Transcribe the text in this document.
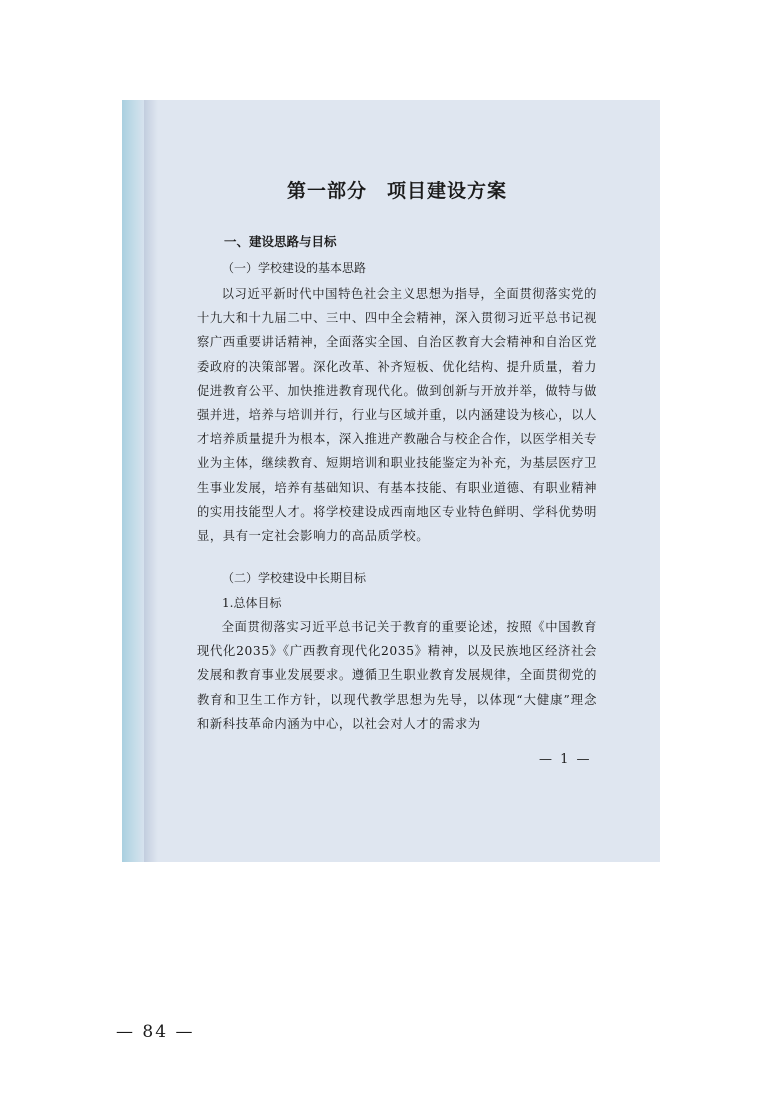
第一部分　项目建设方案

一、建设思路与目标

（一）学校建设的基本思路

以习近平新时代中国特色社会主义思想为指导，全面贯彻落实党的十九大和十九届二中、三中、四中全会精神，深入贯彻习近平总书记视察广西重要讲话精神，全面落实全国、自治区教育大会精神和自治区党委政府的决策部署。深化改革、补齐短板、优化结构、提升质量，着力促进教育公平、加快推进教育现代化。做到创新与开放并举，做特与做强并进，培养与培训并行，行业与区域并重，以内涵建设为核心，以人才培养质量提升为根本，深入推进产教融合与校企合作，以医学相关专业为主体，继续教育、短期培训和职业技能鉴定为补充，为基层医疗卫生事业发展，培养有基础知识、有基本技能、有职业道德、有职业精神的实用技能型人才。将学校建设成西南地区专业特色鲜明、学科优势明显，具有一定社会影响力的高品质学校。

（二）学校建设中长期目标

1.总体目标

全面贯彻落实习近平总书记关于教育的重要论述，按照《中国教育现代化2035》《广西教育现代化2035》精神，以及民族地区经济社会发展和教育事业发展要求。遵循卫生职业教育发展规律，全面贯彻党的教育和卫生工作方针，以现代教学思想为先导，以体现“大健康”理念和新科技革命内涵为中心，以社会对人才的需求为

— 1 —
— 84 —
